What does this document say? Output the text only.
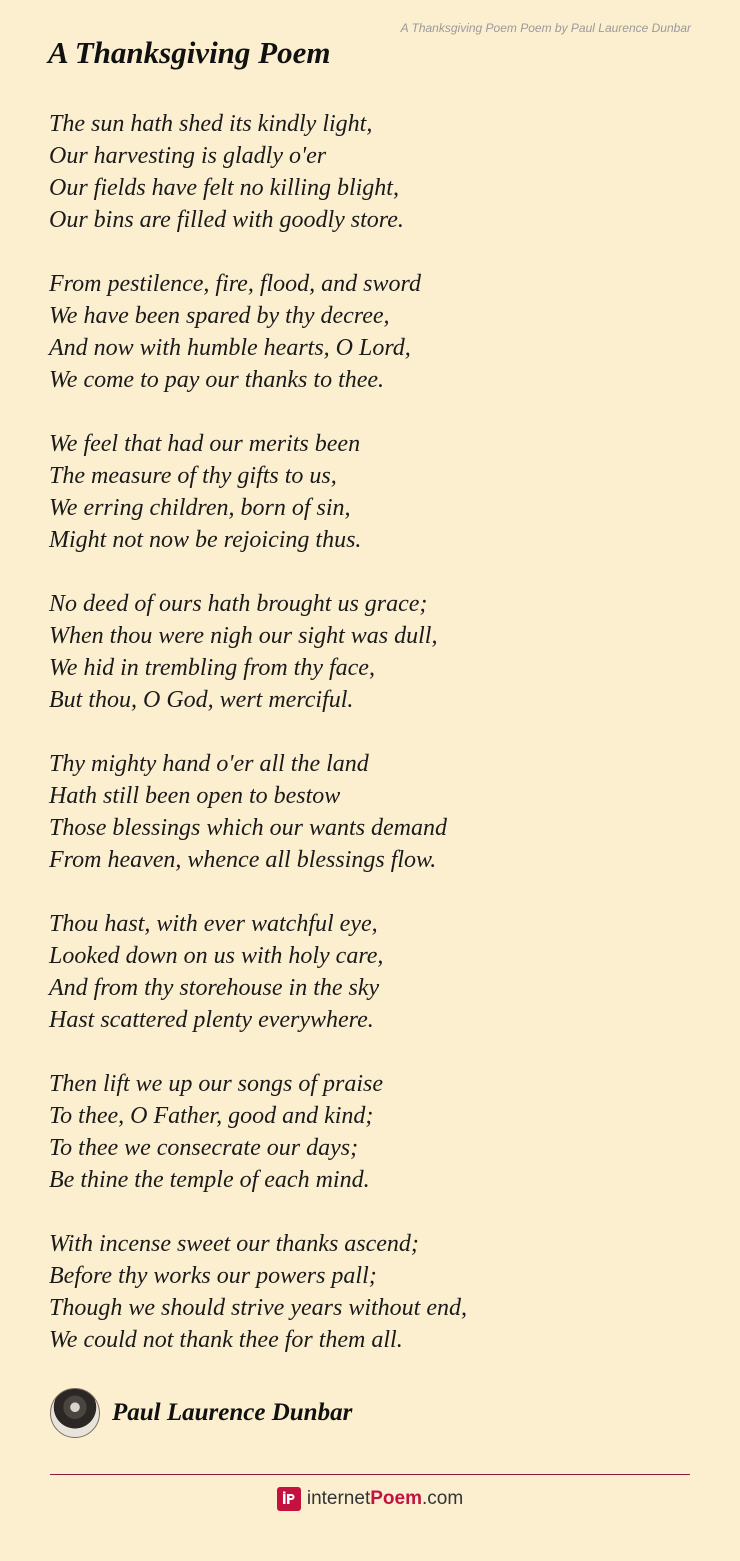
A Thanksgiving Poem Poem by Paul Laurence Dunbar
A Thanksgiving Poem
The sun hath shed its kindly light,
Our harvesting is gladly o'er
Our fields have felt no killing blight,
Our bins are filled with goodly store.
From pestilence, fire, flood, and sword
We have been spared by thy decree,
And now with humble hearts, O Lord,
We come to pay our thanks to thee.
We feel that had our merits been
The measure of thy gifts to us,
We erring children, born of sin,
Might not now be rejoicing thus.
No deed of ours hath brought us grace;
When thou were nigh our sight was dull,
We hid in trembling from thy face,
But thou, O God, wert merciful.
Thy mighty hand o'er all the land
Hath still been open to bestow
Those blessings which our wants demand
From heaven, whence all blessings flow.
Thou hast, with ever watchful eye,
Looked down on us with holy care,
And from thy storehouse in the sky
Hast scattered plenty everywhere.
Then lift we up our songs of praise
To thee, O Father, good and kind;
To thee we consecrate our days;
Be thine the temple of each mind.
With incense sweet our thanks ascend;
Before thy works our powers pall;
Though we should strive years without end,
We could not thank thee for them all.
Paul Laurence Dunbar
internetPoem.com
